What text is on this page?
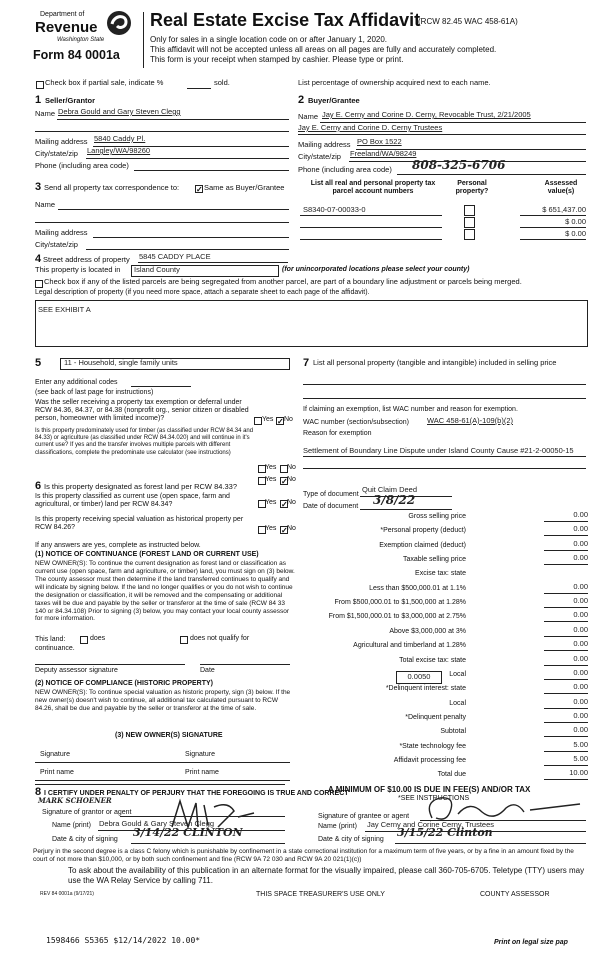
Department of
Revenue
Washington State
Form 84 0001a
Real Estate Excise Tax Affidavit
(RCW 82.45 WAC 458-61A)
Only for sales in a single location code on or after January 1, 2020.
This affidavit will not be accepted unless all areas on all pages are fully and accurately completed.
This form is your receipt when stamped by cashier. Please type or print.
Check box if partial sale, indicate %	sold.	List percentage of ownership acquired next to each name.
1 Seller/Grantor
Name Debra Gould and Gary Steven Clegg
Mailing address 5840 Caddy Pl.
City/state/zip Langley/WA/98260
Phone (including area code)
2 Buyer/Grantee
Name Jay E. Cerny and Corine D. Cerny, Revocable Trust, 2/21/2005
Jay E. Cerny and Corine D. Cerny Trustees
Mailing address PO Box 1522
City/state/zip Freeland/WA/98249
Phone (including area code) 808-325-6706
3 Send all property tax correspondence to: ✓ Same as Buyer/Grantee
Name
Mailing address
City/state/zip
List all real and personal property tax parcel account numbers
Personal property?
Assessed value(s)
S8340-07-00033-0	$ 651,437.00
$ 0.00
$ 0.00
4 Street address of property 5845 CADDY PLACE
This property is located in Island County	(for unincorporated locations please select your county)
Check box if any of the listed parcels are being segregated from another parcel, are part of a boundary line adjustment or parcels being merged.
Legal description of property (if you need more space, attach a separate sheet to each page of the affidavit).
SEE EXHIBIT A
5	11 - Household, single family units
Enter any additional codes
(see back of last page for instructions)
Was the seller receiving a property tax exemption or deferral under RCW 84.36, 84.37, or 84.38 (nonprofit org., senior citizen or disabled person, homeowner with limited income)?	Yes ✓ No
Is this property predominately used for timber (as classified under RCW 84.34 and 84.33) or agriculture (as classified under RCW 84.34.020) and will continue in it's current use? If yes and the transfer involves multiple parcels with different classifications, complete the predominate use calculator (see instructions)
Yes No
6 Is this property designated as forest land per RCW 84.33?
Yes ✓ No
Is this property classified as current use (open space, farm and agricultural, or timber) land per RCW 84.34?	Yes ✓ No
Is this property receiving special valuation as historical property per RCW 84.26?	Yes ✓ No
If any answers are yes, complete as instructed below.
(1) NOTICE OF CONTINUANCE (FOREST LAND OR CURRENT USE)
NEW OWNER(S): To continue the current designation as forest land or classification as current use (open space, farm and agriculture, or timber) land, you must sign on (3) below. The county assessor must then determine if the land transferred continues to qualify and will indicate by signing below. If the land no longer qualifies or you do not wish to continue the designation or classification, it will be removed and the compensating or additional taxes will be due and payable by the seller or transferor at the time of sale (RCW 84 33 140 or 84.34.108) Prior to signing (3) below, you may contact your local county assessor for more information.
This land:	does	does not qualify for
continuance.
Deputy assessor signature	Date
(2) NOTICE OF COMPLIANCE (HISTORIC PROPERTY)
NEW OWNER(S): To continue special valuation as historic property, sign (3) below. If the new owner(s) doesn't wish to continue, all additional tax calculated pursuant to RCW 84.26, shall be due and payable by the seller or transferor at the time of sale.
(3) NEW OWNER(S) SIGNATURE
Signature	Signature
Print name	Print name
7 List all personal property (tangible and intangible) included in selling price
If claiming an exemption, list WAC number and reason for exemption.
WAC number (section/subsection) WAC 458-61(A)-109(b)(2)
Reason for exemption
Settlement of Boundary Line Dispute under Island County Cause #21-2-00050-15
Type of document
Quit Claim Deed
Date of document 3/8/22
Gross selling price	0.00
*Personal property (deduct)	0.00
Exemption claimed (deduct)	0.00
Taxable selling price	0.00
Excise tax: state
Less than $500,000.01 at 1.1%	0.00
From $500,000.01 to $1,500,000 at 1.28%	0.00
From $1,500,000.01 to $3,000,000 at 2.75%	0.00
Above $3,000,000 at 3%	0.00
Agricultural and timberland at 1.28%	0.00
Total excise tax: state	0.00
Local	0.00
*Delinquent interest: state	0.00
Local	0.00
*Delinquent penalty	0.00
Subtotal	0.00
*State technology fee	5.00
Affidavit processing fee	5.00
Total due	10.00
0.0050
A MINIMUM OF $10.00 IS DUE IN FEE(S) AND/OR TAX
*SEE INSTRUCTIONS
8 I CERTIFY UNDER PENALTY OF PERJURY THAT THE FOREGOING IS TRUE AND CORRECT
MARK SCHOENER
Signature of grantor or agent
Name (print) Debra Gould & Gary Steven Clegg
Date & city of signing
3/14/22 CLINTON
Signature of grantee or agent
Name (print) Jay Cerny and Corine Cerny, Trustees
Date & city of signing
3/15/22 Clinton
Perjury in the second degree is a class C felony which is punishable by confinement in a state correctional institution for a maximum term of five years, or by a fine in an amount fixed by the court of not more than $10,000, or by both such confinement and fine (RCW 9A 72 030 and RCW 9A 20 021(1)(c))
To ask about the availability of this publication in an alternate format for the visually impaired, please call 360-705-6705. Teletype (TTY) users may use the WA Relay Service by calling 711.
REV 84 0001a (9/17/21)	THIS SPACE TREASURER'S USE ONLY	COUNTY ASSESSOR
1598466 S5365 $12/14/2022 10.00*	Print on legal size pap
